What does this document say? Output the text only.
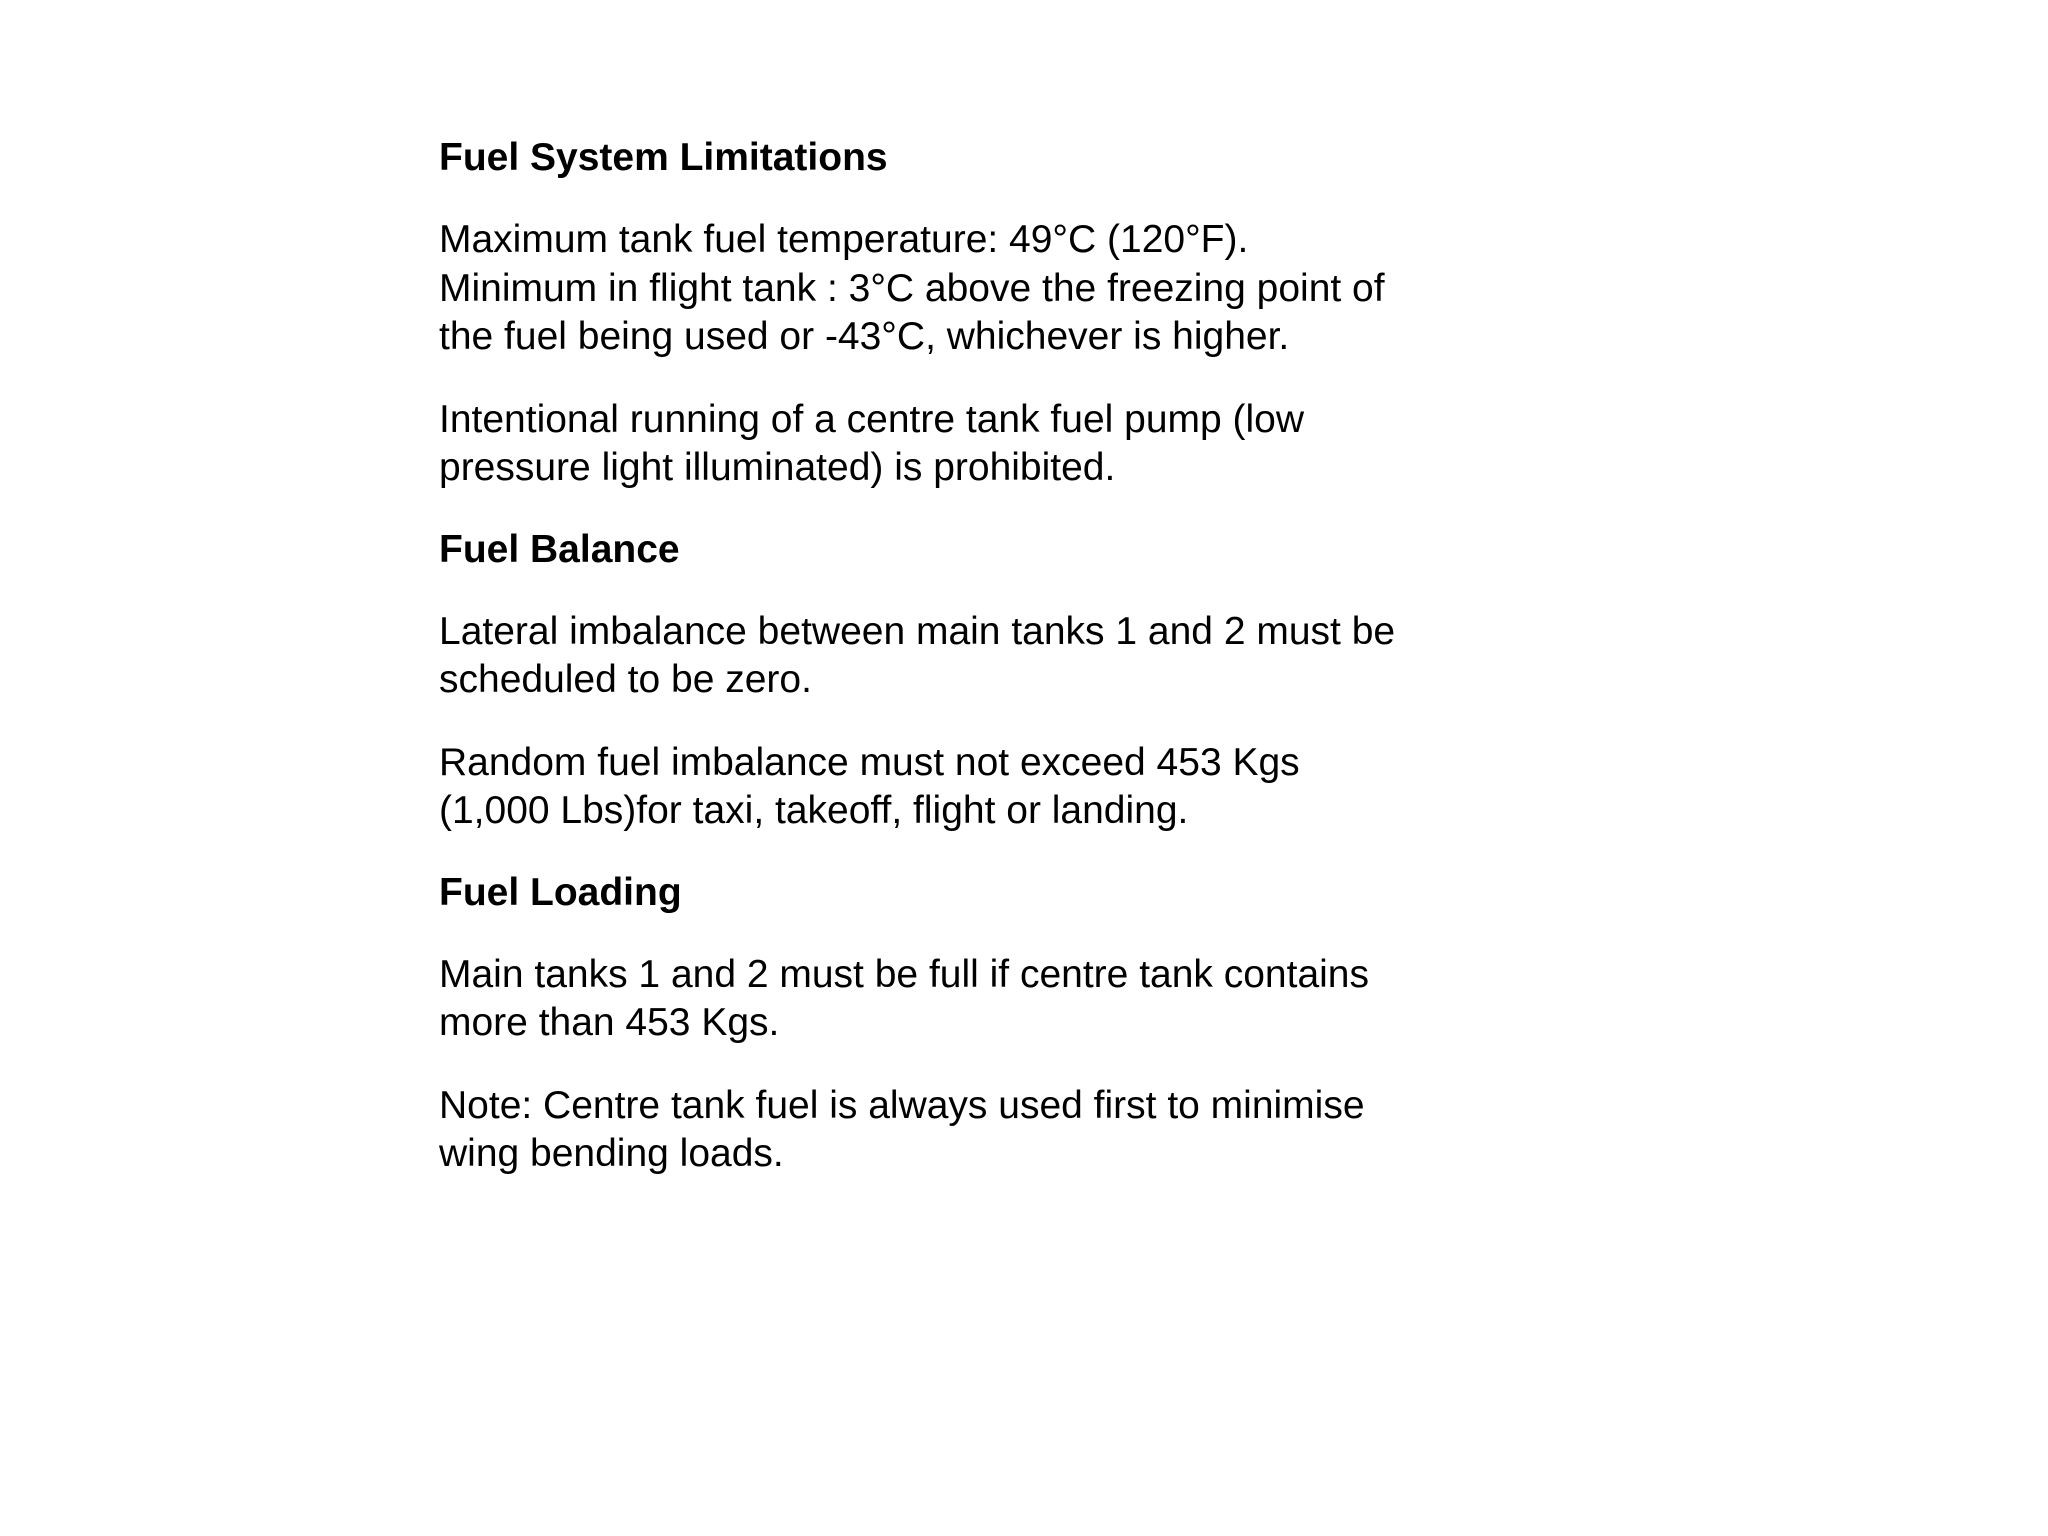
Fuel System Limitations

Maximum tank fuel temperature: 49°C (120°F).
Minimum in flight tank : 3°C above the freezing point of
the fuel being used or -43°C, whichever is higher.

Intentional running of a centre tank fuel pump (low
pressure light illuminated) is prohibited.

Fuel Balance

Lateral imbalance between main tanks 1 and 2 must be
scheduled to be zero.

Random fuel imbalance must not exceed 453 Kgs
(1,000 Lbs)for taxi, takeoff, flight or landing.

Fuel Loading

Main tanks 1 and 2 must be full if centre tank contains
more than 453 Kgs.

Note: Centre tank fuel is always used first to minimise
wing bending loads.
